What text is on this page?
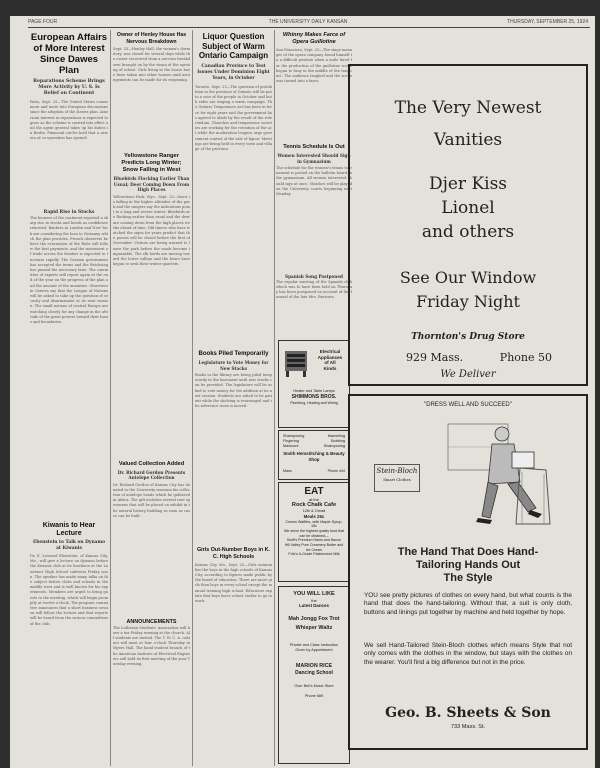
PAGE FOUR	THE UNIVERSITY DAILY KANSAN	THURSDAY, SEPTEMBER 25, 1924
European Affairs of More Interest Since Dawes Plan
Reparations Scheme Brings More Activity by U. S. Is Belief on Continent
Paris, Sept. 25—The United States comes more and more into European discussions since the adoption of the Dawes plan. American interest in reparations is expected to grow as the scheme is carried into effect and the agent general takes up his duties in Berlin. Financial circles hold that a new era of co-operation has opened.
Rapid Rise in Stocks
The bourses of the continent reported a sharp rise in stocks and bonds as confidence returned. Bankers in London and New York are considering the loan to Germany which the plan provides. French observers believe the evacuation of the Ruhr will follow the first payments, and the movement of trade across the frontier is expected to increase rapidly. The German government has accepted the terms and the Reichstag has passed the necessary laws. The committee of experts will report again at the end of the year on the progress of the plan and the amount of the annuities. Observers in Geneva say that the League of Nations will be asked to take up the question of security and disarmament at its next session. The small nations of central Europe are watching closely for any change in the attitude of the great powers toward their loans and boundaries.
Kiwanis to Hear Lecture
Ebenstein to Talk on Dynamo at Kiwanis
Dr. E. Leonard Ebenstein, of Kansas City, Mo., will give a lecture on dynamo before the Kiwanis club at its luncheon at the Lawrence High School cafeteria Friday noon. The speaker has made many talks on the subject before clubs and schools in the middle west and is well known for his experiments. Members are urged to bring guests to the meeting, which will begin promptly at twelve o'clock. The program committee announces that a short business session will follow the lecture and that reports will be heard from the various committees of the club.
Owner of Henley House Has Nervous Breakdown
Sept. 25—Henley Hall, the women's dormitory, was closed for several days while the owner recovered from a nervous breakdown brought on by the strain of the opening of school. Girls living in the house have been taken into other houses until arrangements can be made for its reopening.
Yellowstone Ranger Predicts Long Winter; Snow Falling in West
Bluebirds Flocking Earlier Than Usual; Deer Coming Down From High Places
Yellowstone Park, Wyo., Sept. 25—Snow is falling in the higher altitudes of the park and the rangers say the indications point to a long and severe winter. Bluebirds are flocking earlier than usual and the deer are coming down from the high places weeks ahead of time. Old timers who have watched the signs for years predict that the passes will be closed before the first of November. Visitors are being warned to leave the park before the roads become impassable. The elk herds are moving toward the lower valleys and the bears have begun to seek their winter quarters.
Valued Collection Added
Dr. Richard Gordon Presents Antelope Collection
Dr. Richard Gordon of Kansas City has donated to the University museum his collection of antelope heads which he gathered in Africa. The gift includes several rare specimens that will be placed on exhibit in the natural history building as soon as cases can be built.
ANNOUNCEMENTS
The Lutheran Students' Association will have a tea Friday evening at the church. All students are invited. The Y. W. C. A. cabinet will meet at four o'clock Thursday in Myers Hall. The band student branch of the American Institute of Electrical Engineers will hold its first meeting of the year Tuesday evening.
Liquor Question Subject of Warm Ontario Campaign
Canadian Province to Test Issues Under Dominion Eight Years, in October
Toronto, Sept. 25—The question of prohibition in the province of Ontario will be put to a vote of the people in October and both sides are waging a warm campaign. The Ontario Temperance Act has been in force for eight years and the government has agreed to abide by the result of the referendum. Churches and temperance societies are working for the retention of the act while the moderation leagues urge government control of the sale of liquor. Meetings are being held in every town and village of the province.
Books Piled Temporarily
Legislature to Vote Money for New Stacks
Books in the library are being piled temporarily in the basement until new stacks can be provided. The legislature will be asked to vote money for the addition at its next session. Students are asked to be patient while the shelving is rearranged and the reference room is moved.
Girls Out-Number Boys in K. C. High Schools
Kansas City, Mo., Sept. 25—Girls outnumber the boys in the high schools of Kansas City, according to figures made public by the board of education. There are more girls than boys in every school except the manual training high school. Educators explain that boys leave school earlier to go to work.
Whinny Makes Farce of Opera Guillotine
San Francisco, Sept. 25—The stage manager of the opera company found himself in a difficult position when a mule hired for the production of the guillotine scene began to bray in the middle of the tragic act. The audience laughed and the scene was turned into a farce.
Tennis Schedule Is Out
Women Interested Should Sign in Gymnasium
The schedule for the women's tennis tournament is posted on the bulletin board in the gymnasium. All women interested should sign at once. Matches will be played on the University courts beginning next Monday.
Spanish Song Postponed
The regular meeting of the Spanish club which was to have been held on Thursday has been postponed on account of the funeral of the late Mrs. Burrows.
Electrical
Appliances
of All
Kinds
Heater and Table Lamps
SHIMMONS BROS.
Plumbing, Heating and Wiring
Shampooing
Fingering
Manicure
Marcelling
Bobbing
Shampooing
Smith Hemstitching & Beauty Shop
Mass.	Phone 444
EAT
at the
Rock Chalk Cafe
12th & Oread
Meals 25c
Cream Waffles, with Maple Syrup, 15c
We serve the highest quality food that can be obtained—
Swift's Premium Hams and Bacon
Hill Valley Pure Creamery Butter and Ice Cream
Fritz's A-Grade Pasteurized Milk
YOU WILL LIKE
the
Latest Dances
Mah Jongg Fox Trot
Whisper Waltz
Private and Class Instruction Given by Appointment
MARION RICE
Dancing School
Over Bell's Music Store
Phone 689
The Very Newest
Vanities
Djer Kiss
Lionel
and others
See Our Window
Friday Night
Thornton's Drug Store
929 Mass.	Phone 50
We Deliver
"DRESS WELL AND SUCCEED"
Stein-Bloch
Smart Clothes
The Hand That Does Hand-
Tailoring Hands Out
The Style
YOU see pretty pictures of clothes on every hand, but what counts is the hand that does the hand-tailoring. Without that, a suit is only cloth, buttons and linings put together by machine and held together by hope.
We sell Hand-Tailored Stein-Bloch clothes which means Style that not only comes with the clothes in the window, but stays with the clothes on the wearer. You'll find a big difference but not in the price.
Geo. B. Sheets & Son
733 Mass. St.
